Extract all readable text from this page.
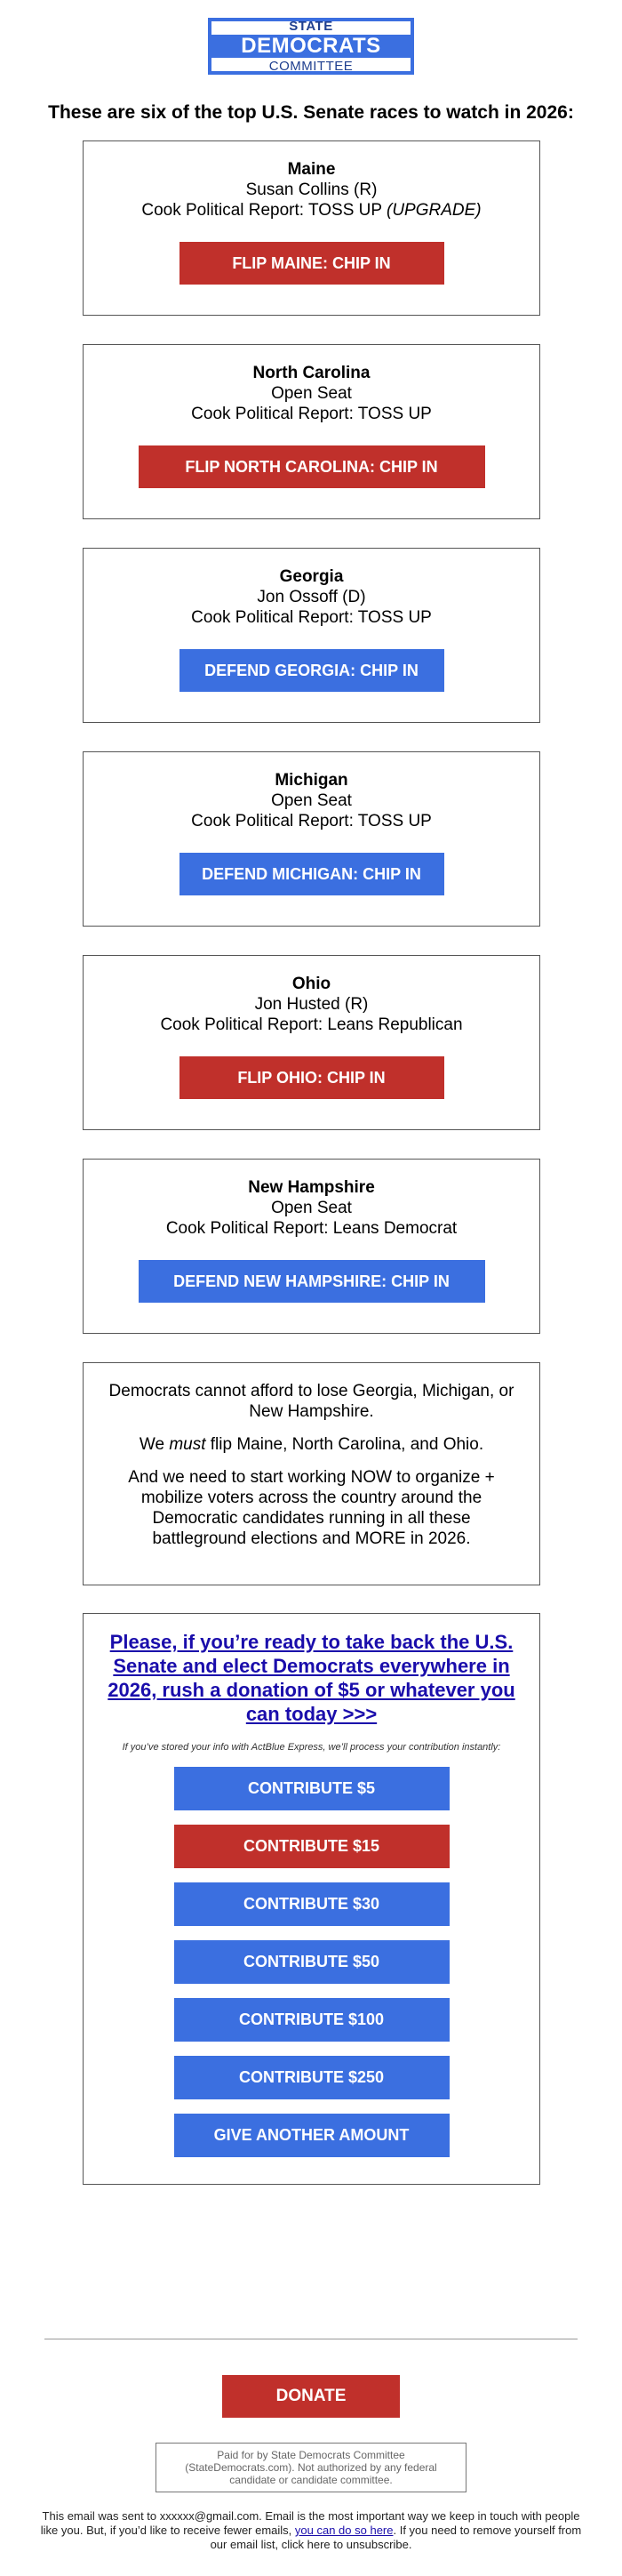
STATE
DEMOCRATS
COMMITTEE
These are six of the top U.S. Senate races to watch in 2026:
Maine
Susan Collins (R)
Cook Political Report: TOSS UP (UPGRADE)
FLIP MAINE: CHIP IN
North Carolina
Open Seat
Cook Political Report: TOSS UP
FLIP NORTH CAROLINA: CHIP IN
Georgia
Jon Ossoff (D)
Cook Political Report: TOSS UP
DEFEND GEORGIA: CHIP IN
Michigan
Open Seat
Cook Political Report: TOSS UP
DEFEND MICHIGAN: CHIP IN
Ohio
Jon Husted (R)
Cook Political Report: Leans Republican
FLIP OHIO: CHIP IN
New Hampshire
Open Seat
Cook Political Report: Leans Democrat
DEFEND NEW HAMPSHIRE: CHIP IN

Democrats cannot afford to lose Georgia, Michigan, or New Hampshire.

We must flip Maine, North Carolina, and Ohio.

And we need to start working NOW to organize + mobilize voters across the country around the Democratic candidates running in all these battleground elections and MORE in 2026.

Please, if you’re ready to take back the U.S. Senate and elect Democrats everywhere in 2026, rush a donation of $5 or whatever you can today >>>
If you’ve stored your info with ActBlue Express, we’ll process your contribution instantly:
CONTRIBUTE $5
CONTRIBUTE $15
CONTRIBUTE $30
CONTRIBUTE $50
CONTRIBUTE $100
CONTRIBUTE $250
GIVE ANOTHER AMOUNT
DONATE
Paid for by State Democrats Committee (StateDemocrats.com). Not authorized by any federal candidate or candidate committee.
This email was sent to xxxxxx@gmail.com. Email is the most important way we keep in touch with people like you. But, if you’d like to receive fewer emails, you can do so here. If you need to remove yourself from our email list, click here to unsubscribe.
